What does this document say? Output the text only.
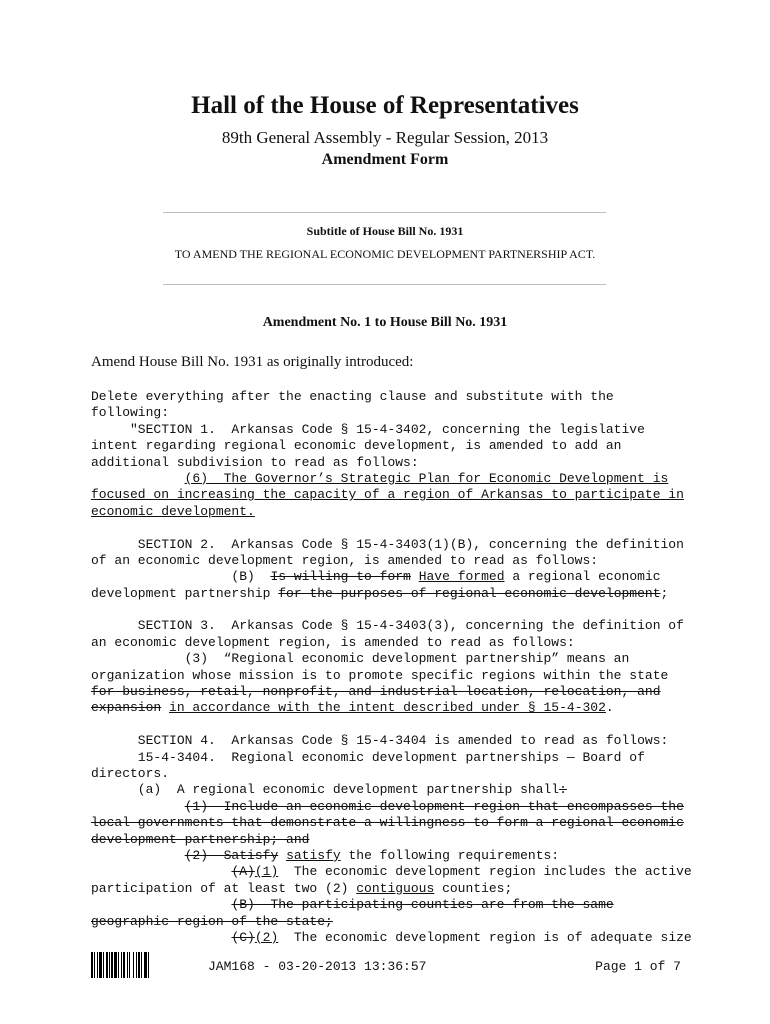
Hall of the House of Representatives
89th General Assembly - Regular Session, 2013
Amendment Form
Subtitle of House Bill No. 1931
TO AMEND THE REGIONAL ECONOMIC DEVELOPMENT PARTNERSHIP ACT.
Amendment No. 1 to House Bill No. 1931
Amend House Bill No. 1931 as originally introduced:
Delete everything after the enacting clause and substitute with the
following:
"SECTION 1.  Arkansas Code § 15-4-3402, concerning the legislative
intent regarding regional economic development, is amended to add an
additional subdivision to read as follows:
(6)  The Governor’s Strategic Plan for Economic Development is
focused on increasing the capacity of a region of Arkansas to participate in
economic development.
SECTION 2.  Arkansas Code § 15-4-3403(1)(B), concerning the definition
of an economic development region, is amended to read as follows:
(B)  Is willing to form Have formed a regional economic
development partnership for the purposes of regional economic development;
SECTION 3.  Arkansas Code § 15-4-3403(3), concerning the definition of
an economic development region, is amended to read as follows:
(3)  “Regional economic development partnership” means an
organization whose mission is to promote specific regions within the state
for business, retail, nonprofit, and industrial location, relocation, and
expansion in accordance with the intent described under § 15-4-302.
SECTION 4.  Arkansas Code § 15-4-3404 is amended to read as follows:
15-4-3404.  Regional economic development partnerships — Board of
directors.
(a)  A regional economic development partnership shall:
(1)  Include an economic development region that encompasses the
local governments that demonstrate a willingness to form a regional economic
development partnership; and
(2)  Satisfy satisfy the following requirements:
(A)(1)  The economic development region includes the active
participation of at least two (2) contiguous counties;
(B)  The participating counties are from the same
geographic region of the state;
(C)(2)  The economic development region is of adequate size
JAM168 - 03-20-2013 13:36:57	Page 1 of 7
